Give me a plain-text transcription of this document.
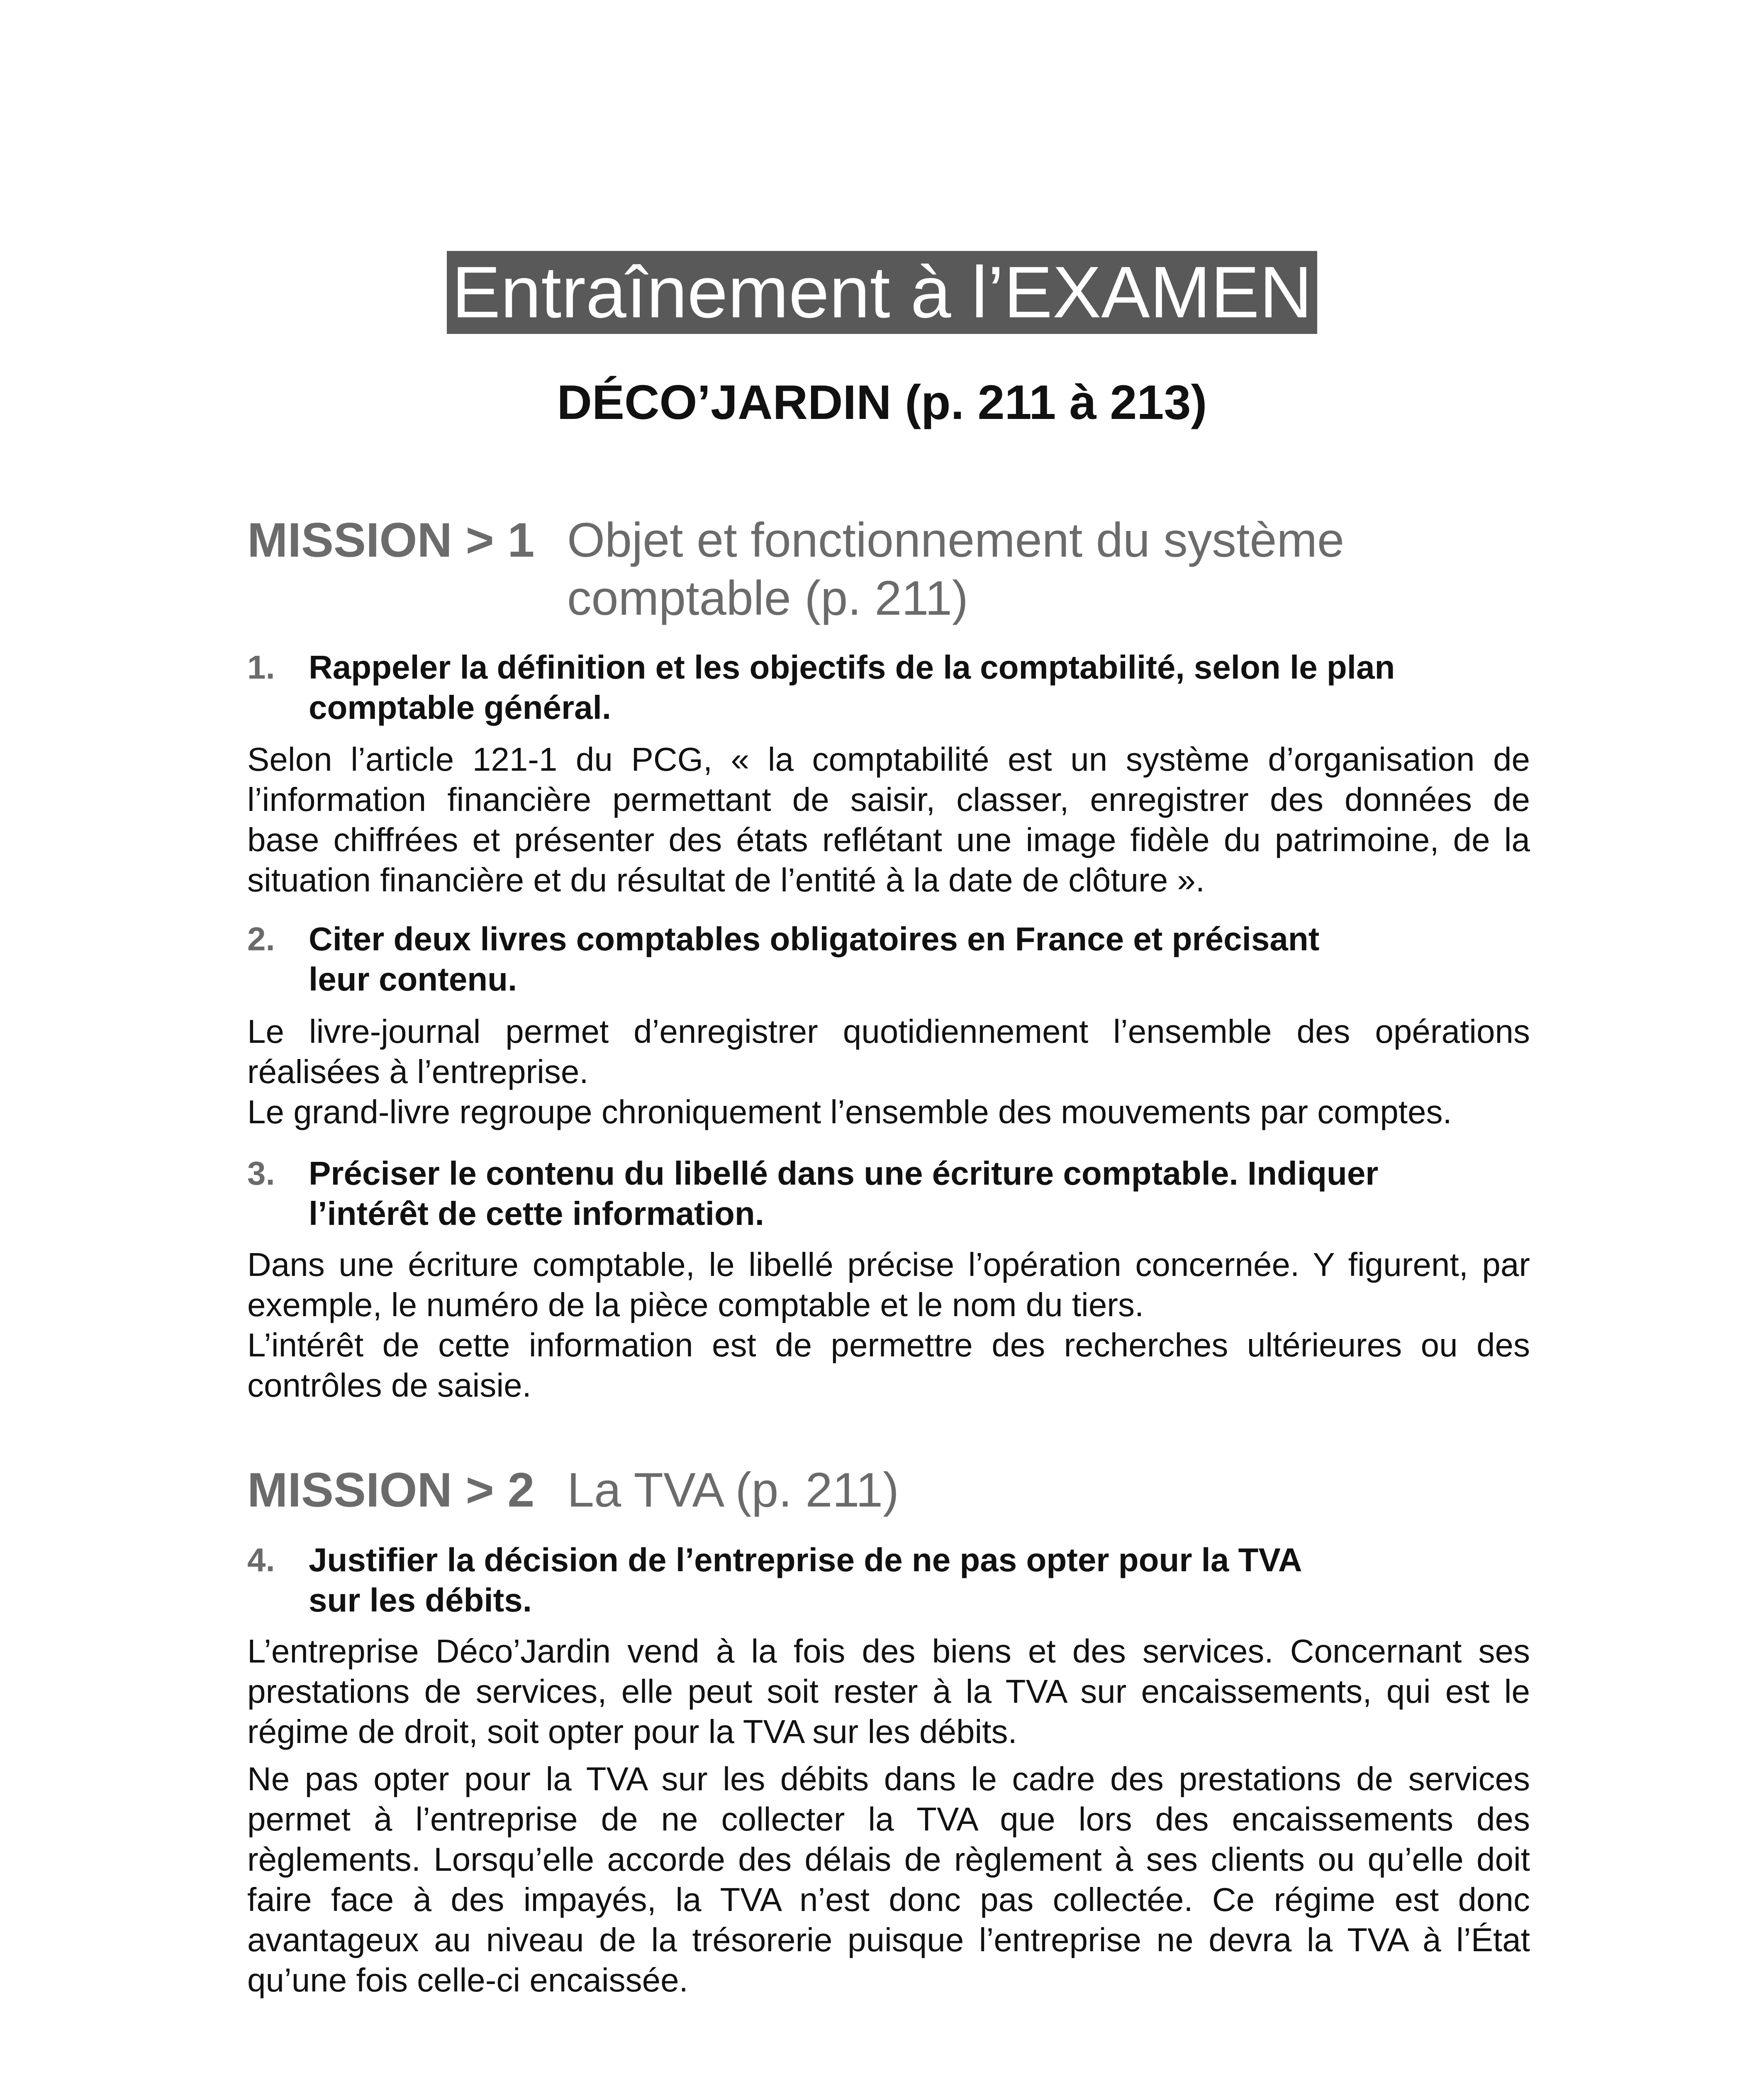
Entraînement à l’EXAMEN
DÉCO’JARDIN (p. 211 à 213)
MISSION > 1 Objet et fonctionnement du système
comptable (p. 211)
1. Rappeler la définition et les objectifs de la comptabilité, selon le plan
comptable général.
Selon l’article 121-1 du PCG, « la comptabilité est un système d’organisation de
l’information financière permettant de saisir, classer, enregistrer des données de
base chiffrées et présenter des états reflétant une image fidèle du patrimoine, de la
situation financière et du résultat de l’entité à la date de clôture ».
2. Citer deux livres comptables obligatoires en France et précisant
leur contenu.
Le livre-journal permet d’enregistrer quotidiennement l’ensemble des opérations
réalisées à l’entreprise.
Le grand-livre regroupe chroniquement l’ensemble des mouvements par comptes.
3. Préciser le contenu du libellé dans une écriture comptable. Indiquer
l’intérêt de cette information.
Dans une écriture comptable, le libellé précise l’opération concernée. Y figurent, par
exemple, le numéro de la pièce comptable et le nom du tiers.
L’intérêt de cette information est de permettre des recherches ultérieures ou des
contrôles de saisie.
MISSION > 2 La TVA (p. 211)
4. Justifier la décision de l’entreprise de ne pas opter pour la TVA
sur les débits.
L’entreprise Déco’Jardin vend à la fois des biens et des services. Concernant ses
prestations de services, elle peut soit rester à la TVA sur encaissements, qui est le
régime de droit, soit opter pour la TVA sur les débits.
Ne pas opter pour la TVA sur les débits dans le cadre des prestations de services
permet à l’entreprise de ne collecter la TVA que lors des encaissements des
règlements. Lorsqu’elle accorde des délais de règlement à ses clients ou qu’elle doit
faire face à des impayés, la TVA n’est donc pas collectée. Ce régime est donc
avantageux au niveau de la trésorerie puisque l’entreprise ne devra la TVA à l’État
qu’une fois celle-ci encaissée.
